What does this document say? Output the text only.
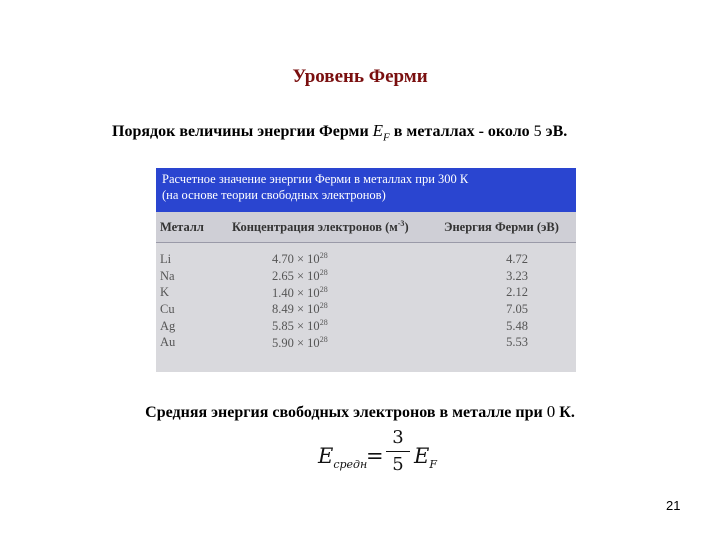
Уровень Ферми
Порядок величины энергии Ферми $E_F$ в металлах - около 5 эВ.
Расчетное значение энергии Ферми в металлах при 300 К
(на основе теории свободных электронов)
Металл	Концентрация электронов $(м^{-3})$	Энергия Ферми (эВ)
Li	$4.70 \times 10^{28}$	4.72
Na	$2.65 \times 10^{28}$	3.23
K	$1.40 \times 10^{28}$	2.12
Cu	$8.49 \times 10^{28}$	7.05
Ag	$5.85 \times 10^{28}$	5.48
Au	$5.90 \times 10^{28}$	5.53
Средняя энергия свободных электронов в металле при 0 К.
$E_{средн}$
=
3
5 $E_F$
21
